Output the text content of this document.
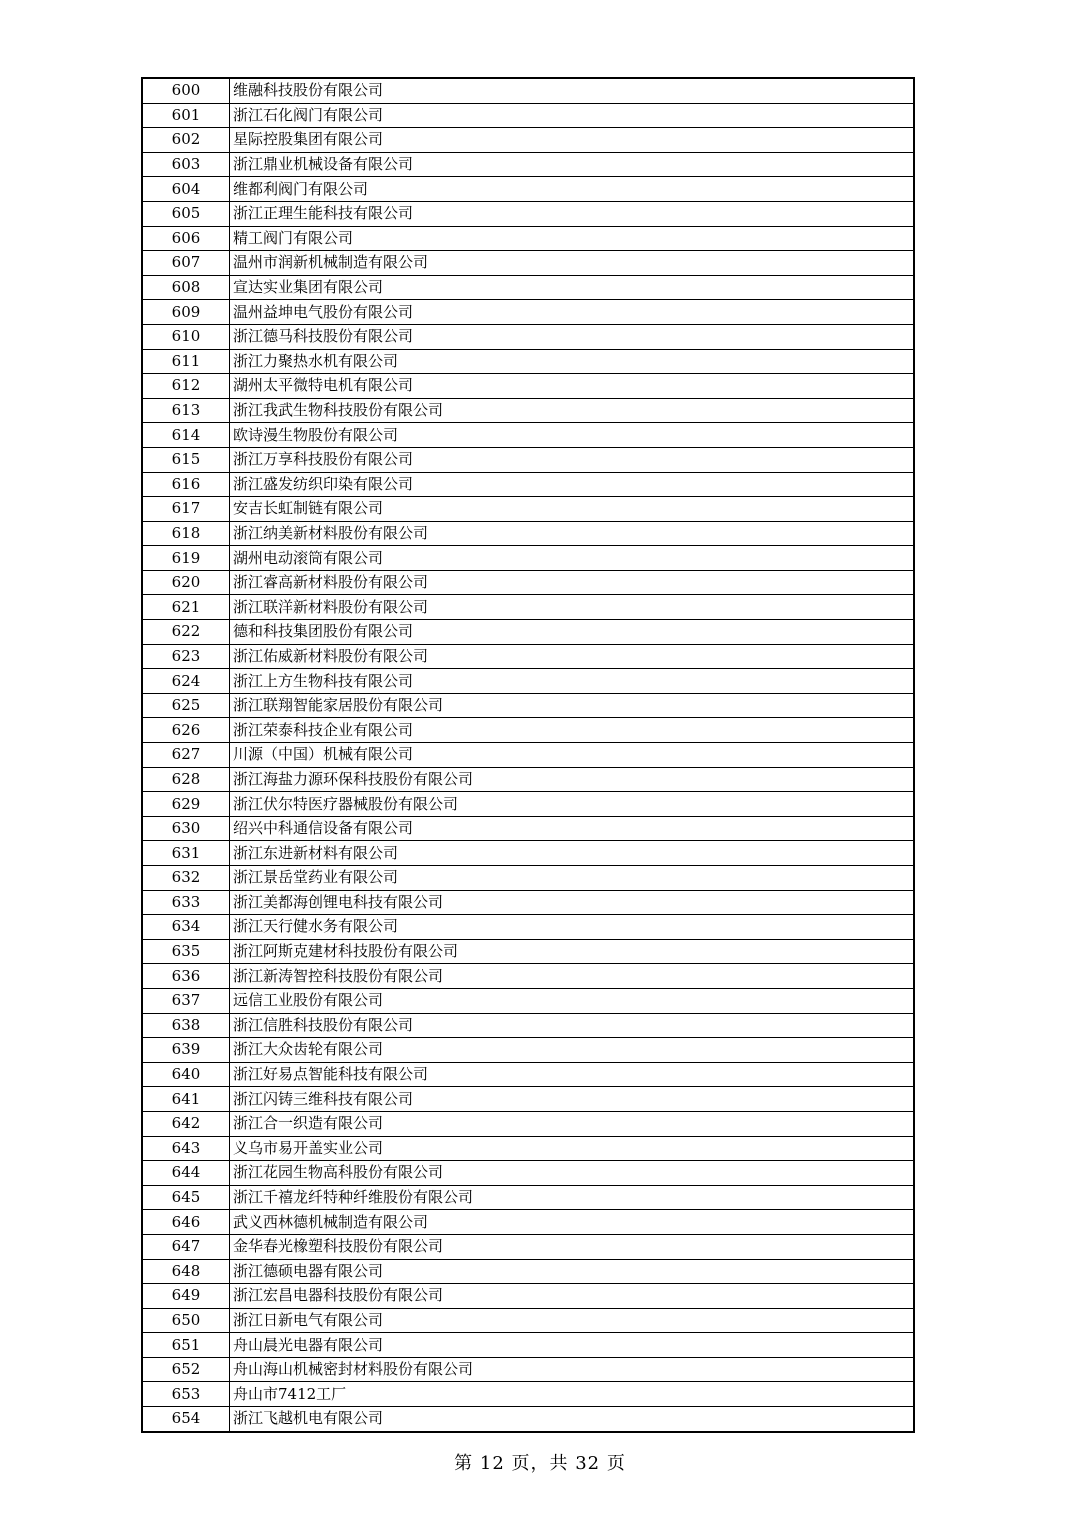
600	维融科技股份有限公司
601	浙江石化阀门有限公司
602	星际控股集团有限公司
603	浙江鼎业机械设备有限公司
604	维都利阀门有限公司
605	浙江正理生能科技有限公司
606	精工阀门有限公司
607	温州市润新机械制造有限公司
608	宣达实业集团有限公司
609	温州益坤电气股份有限公司
610	浙江德马科技股份有限公司
611	浙江力聚热水机有限公司
612	湖州太平微特电机有限公司
613	浙江我武生物科技股份有限公司
614	欧诗漫生物股份有限公司
615	浙江万享科技股份有限公司
616	浙江盛发纺织印染有限公司
617	安吉长虹制链有限公司
618	浙江纳美新材料股份有限公司
619	湖州电动滚筒有限公司
620	浙江睿高新材料股份有限公司
621	浙江联洋新材料股份有限公司
622	德和科技集团股份有限公司
623	浙江佑威新材料股份有限公司
624	浙江上方生物科技有限公司
625	浙江联翔智能家居股份有限公司
626	浙江荣泰科技企业有限公司
627	川源（中国）机械有限公司
628	浙江海盐力源环保科技股份有限公司
629	浙江伏尔特医疗器械股份有限公司
630	绍兴中科通信设备有限公司
631	浙江东进新材料有限公司
632	浙江景岳堂药业有限公司
633	浙江美都海创锂电科技有限公司
634	浙江天行健水务有限公司
635	浙江阿斯克建材科技股份有限公司
636	浙江新涛智控科技股份有限公司
637	远信工业股份有限公司
638	浙江信胜科技股份有限公司
639	浙江大众齿轮有限公司
640	浙江好易点智能科技有限公司
641	浙江闪铸三维科技有限公司
642	浙江合一织造有限公司
643	义乌市易开盖实业公司
644	浙江花园生物高科股份有限公司
645	浙江千禧龙纤特种纤维股份有限公司
646	武义西林德机械制造有限公司
647	金华春光橡塑科技股份有限公司
648	浙江德硕电器有限公司
649	浙江宏昌电器科技股份有限公司
650	浙江日新电气有限公司
651	舟山晨光电器有限公司
652	舟山海山机械密封材料股份有限公司
653	舟山市7412工厂
654	浙江飞越机电有限公司
第 12 页，共 32 页
